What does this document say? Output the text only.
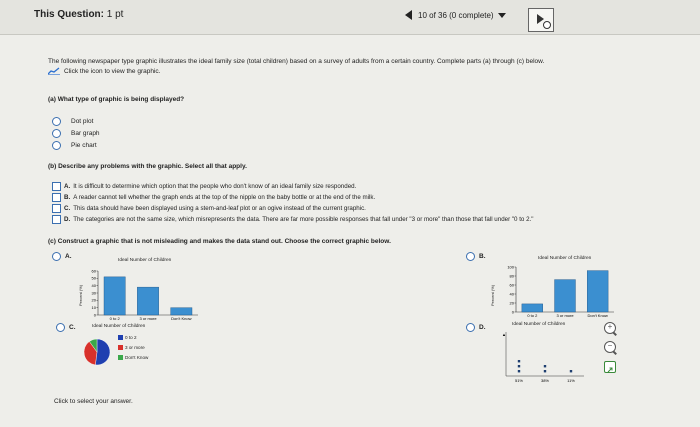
This Question: 1 pt	10 of 36 (0 complete)
The following newspaper type graphic illustrates the ideal family size (total children) based on a survey of adults from a certain country. Complete parts (a) through (c) below.
Click the icon to view the graphic.
(a) What type of graphic is being displayed?
Dot plot
Bar graph
Pie chart
(b) Describe any problems with the graphic. Select all that apply.
A. It is difficult to determine which option that the people who don't know of an ideal family size responded.
B. A reader cannot tell whether the graph ends at the top of the nipple on the baby bottle or at the end of the milk.
C. This data should have been displayed using a stem-and-leaf plot or an ogive instead of the current graphic.
D. The categories are not the same size, which misrepresents the data. There are far more possible responses that fall under "3 or more" than those that fall under "0 to 2."
(c) Construct a graphic that is not misleading and makes the data stand out. Choose the correct graphic below.
A.
Ideal Number of Children
Percent (%)
60
50
40
30
20
10
0
0 to 2	3 or more	Don't Know
B.	Ideal Number of Children
Percent (%)
100
80
60
40
20
0
0 to 2	3 or more	Don't Know
C.	Ideal Number of Children
0 to 2
3 or more
Don't Know
D.	Ideal Number of Children
▲
51%	38%	11%
+
−
Click to select your answer.
